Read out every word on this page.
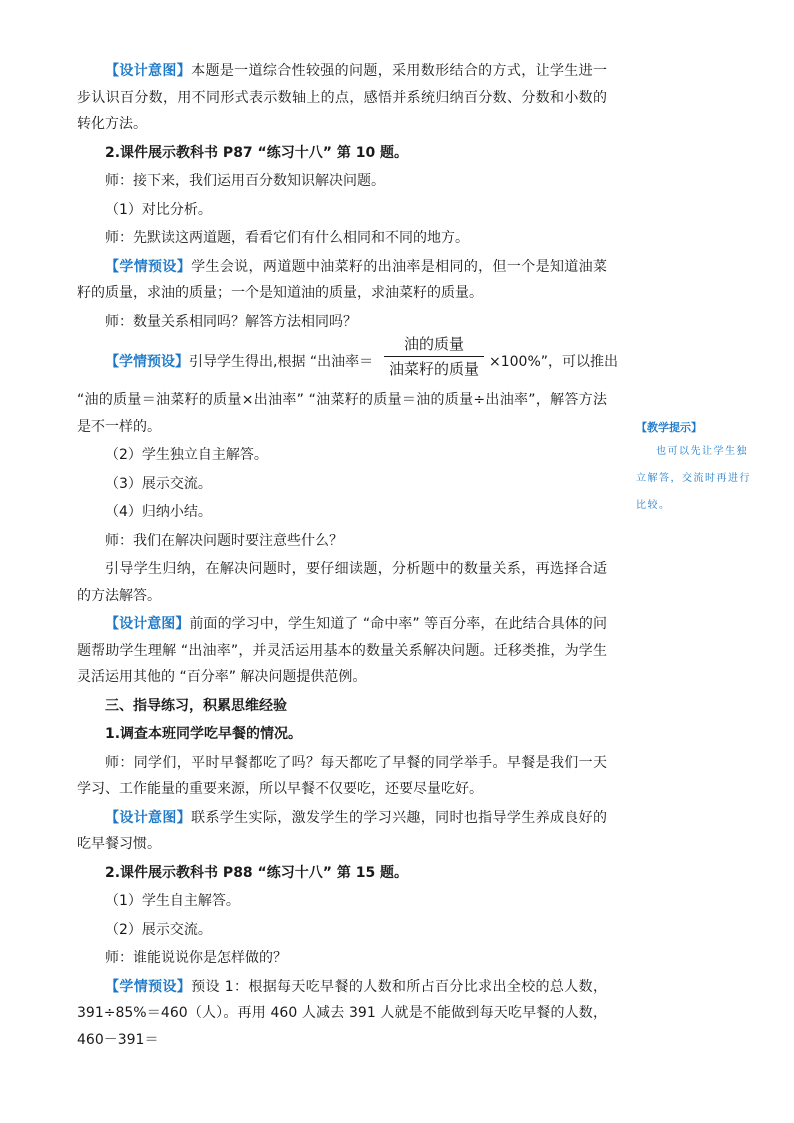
【设计意图】本题是一道综合性较强的问题，采用数形结合的方式，让学生进一步认识百分数，用不同形式表示数轴上的点，感悟并系统归纳百分数、分数和小数的转化方法。

2.课件展示教科书 P87 “练习十八” 第 10 题。

师：接下来，我们运用百分数知识解决问题。

（1）对比分析。

师：先默读这两道题，看看它们有什么相同和不同的地方。

【学情预设】学生会说，两道题中油菜籽的出油率是相同的，但一个是知道油菜籽的质量，求油的质量；一个是知道油的质量，求油菜籽的质量。

师：数量关系相同吗？解答方法相同吗？

【学情预设】引导学生得出,根据 “出油率＝
油的质量
油菜籽的质量 ×100%”，可以推出

“油的质量＝油菜籽的质量×出油率” “油菜籽的质量＝油的质量÷出油率”，解答方法是不一样的。

（2）学生独立自主解答。

（3）展示交流。

（4）归纳小结。

师：我们在解决问题时要注意些什么？

引导学生归纳，在解决问题时，要仔细读题，分析题中的数量关系，再选择合适的方法解答。

【设计意图】前面的学习中，学生知道了 “命中率” 等百分率，在此结合具体的问题帮助学生理解 “出油率”，并灵活运用基本的数量关系解决问题。迁移类推，为学生灵活运用其他的 “百分率” 解决问题提供范例。

三、指导练习，积累思维经验

1.调查本班同学吃早餐的情况。

师：同学们，平时早餐都吃了吗？每天都吃了早餐的同学举手。早餐是我们一天学习、工作能量的重要来源，所以早餐不仅要吃，还要尽量吃好。

【设计意图】联系学生实际，激发学生的学习兴趣，同时也指导学生养成良好的吃早餐习惯。

2.课件展示教科书 P88 “练习十八” 第 15 题。

（1）学生自主解答。

（2）展示交流。

师：谁能说说你是怎样做的？

【学情预设】预设 1：根据每天吃早餐的人数和所占百分比求出全校的总人数，391÷85%＝460（人）。再用 460 人减去 391 人就是不能做到每天吃早餐的人数，460－391＝

【教学提示】

也可以先让学生独立解答，交流时再进行比较。
